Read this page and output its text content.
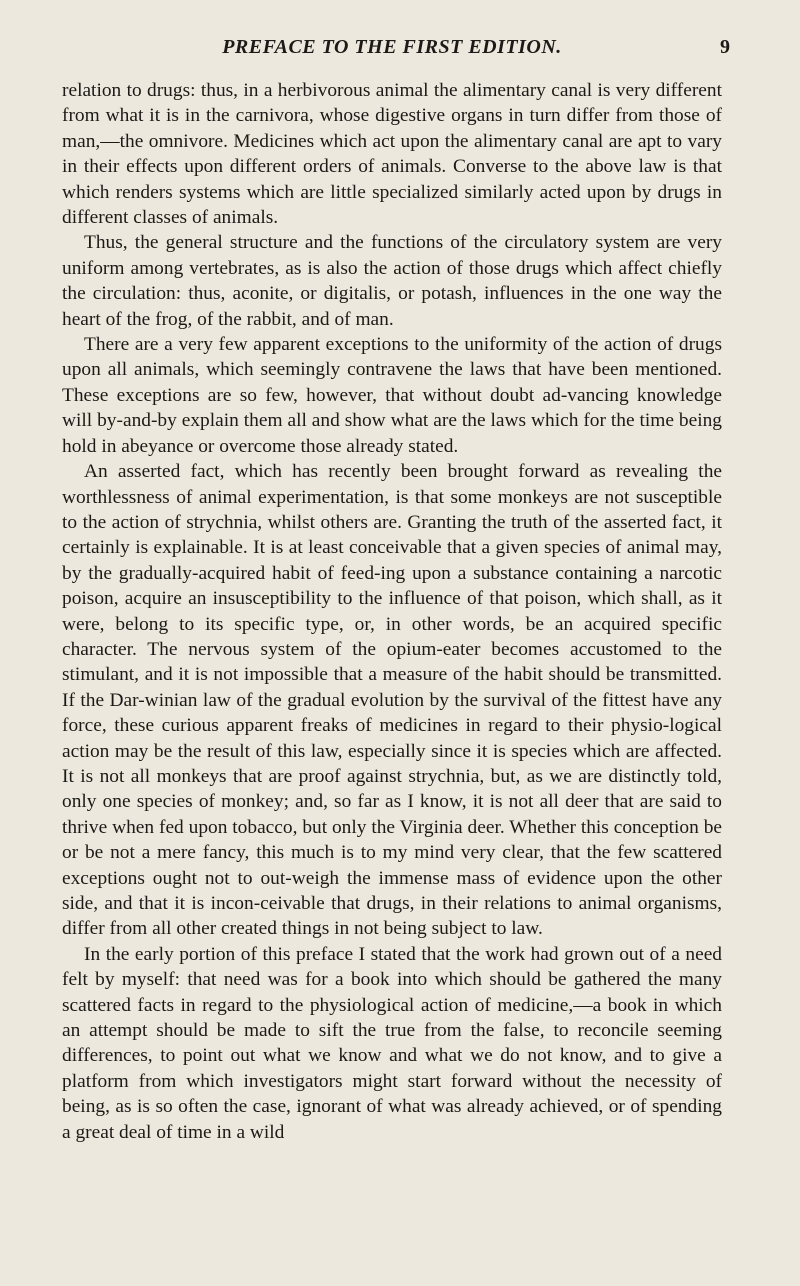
PREFACE TO THE FIRST EDITION.	9

relation to drugs: thus, in a herbivorous animal the alimentary canal is very different from what it is in the carnivora, whose digestive organs in turn differ from those of man,—the omnivore. Medicines which act upon the alimentary canal are apt to vary in their effects upon different orders of animals. Converse to the above law is that which renders systems which are little specialized similarly acted upon by drugs in different classes of animals.

Thus, the general structure and the functions of the circulatory system are very uniform among vertebrates, as is also the action of those drugs which affect chiefly the circulation: thus, aconite, or digitalis, or potash, influences in the one way the heart of the frog, of the rabbit, and of man.

There are a very few apparent exceptions to the uniformity of the action of drugs upon all animals, which seemingly contravene the laws that have been mentioned. These exceptions are so few, however, that without doubt ad-vancing knowledge will by-and-by explain them all and show what are the laws which for the time being hold in abeyance or overcome those already stated.

An asserted fact, which has recently been brought forward as revealing the worthlessness of animal experimentation, is that some monkeys are not susceptible to the action of strychnia, whilst others are. Granting the truth of the asserted fact, it certainly is explainable. It is at least conceivable that a given species of animal may, by the gradually-acquired habit of feed-ing upon a substance containing a narcotic poison, acquire an insusceptibility to the influence of that poison, which shall, as it were, belong to its specific type, or, in other words, be an acquired specific character. The nervous system of the opium-eater becomes accustomed to the stimulant, and it is not impossible that a measure of the habit should be transmitted. If the Dar-winian law of the gradual evolution by the survival of the fittest have any force, these curious apparent freaks of medicines in regard to their physio-logical action may be the result of this law, especially since it is species which are affected. It is not all monkeys that are proof against strychnia, but, as we are distinctly told, only one species of monkey; and, so far as I know, it is not all deer that are said to thrive when fed upon tobacco, but only the Virginia deer. Whether this conception be or be not a mere fancy, this much is to my mind very clear, that the few scattered exceptions ought not to out-weigh the immense mass of evidence upon the other side, and that it is incon-ceivable that drugs, in their relations to animal organisms, differ from all other created things in not being subject to law.

In the early portion of this preface I stated that the work had grown out of a need felt by myself: that need was for a book into which should be gathered the many scattered facts in regard to the physiological action of medicine,—a book in which an attempt should be made to sift the true from the false, to reconcile seeming differences, to point out what we know and what we do not know, and to give a platform from which investigators might start forward without the necessity of being, as is so often the case, ignorant of what was already achieved, or of spending a great deal of time in a wild
